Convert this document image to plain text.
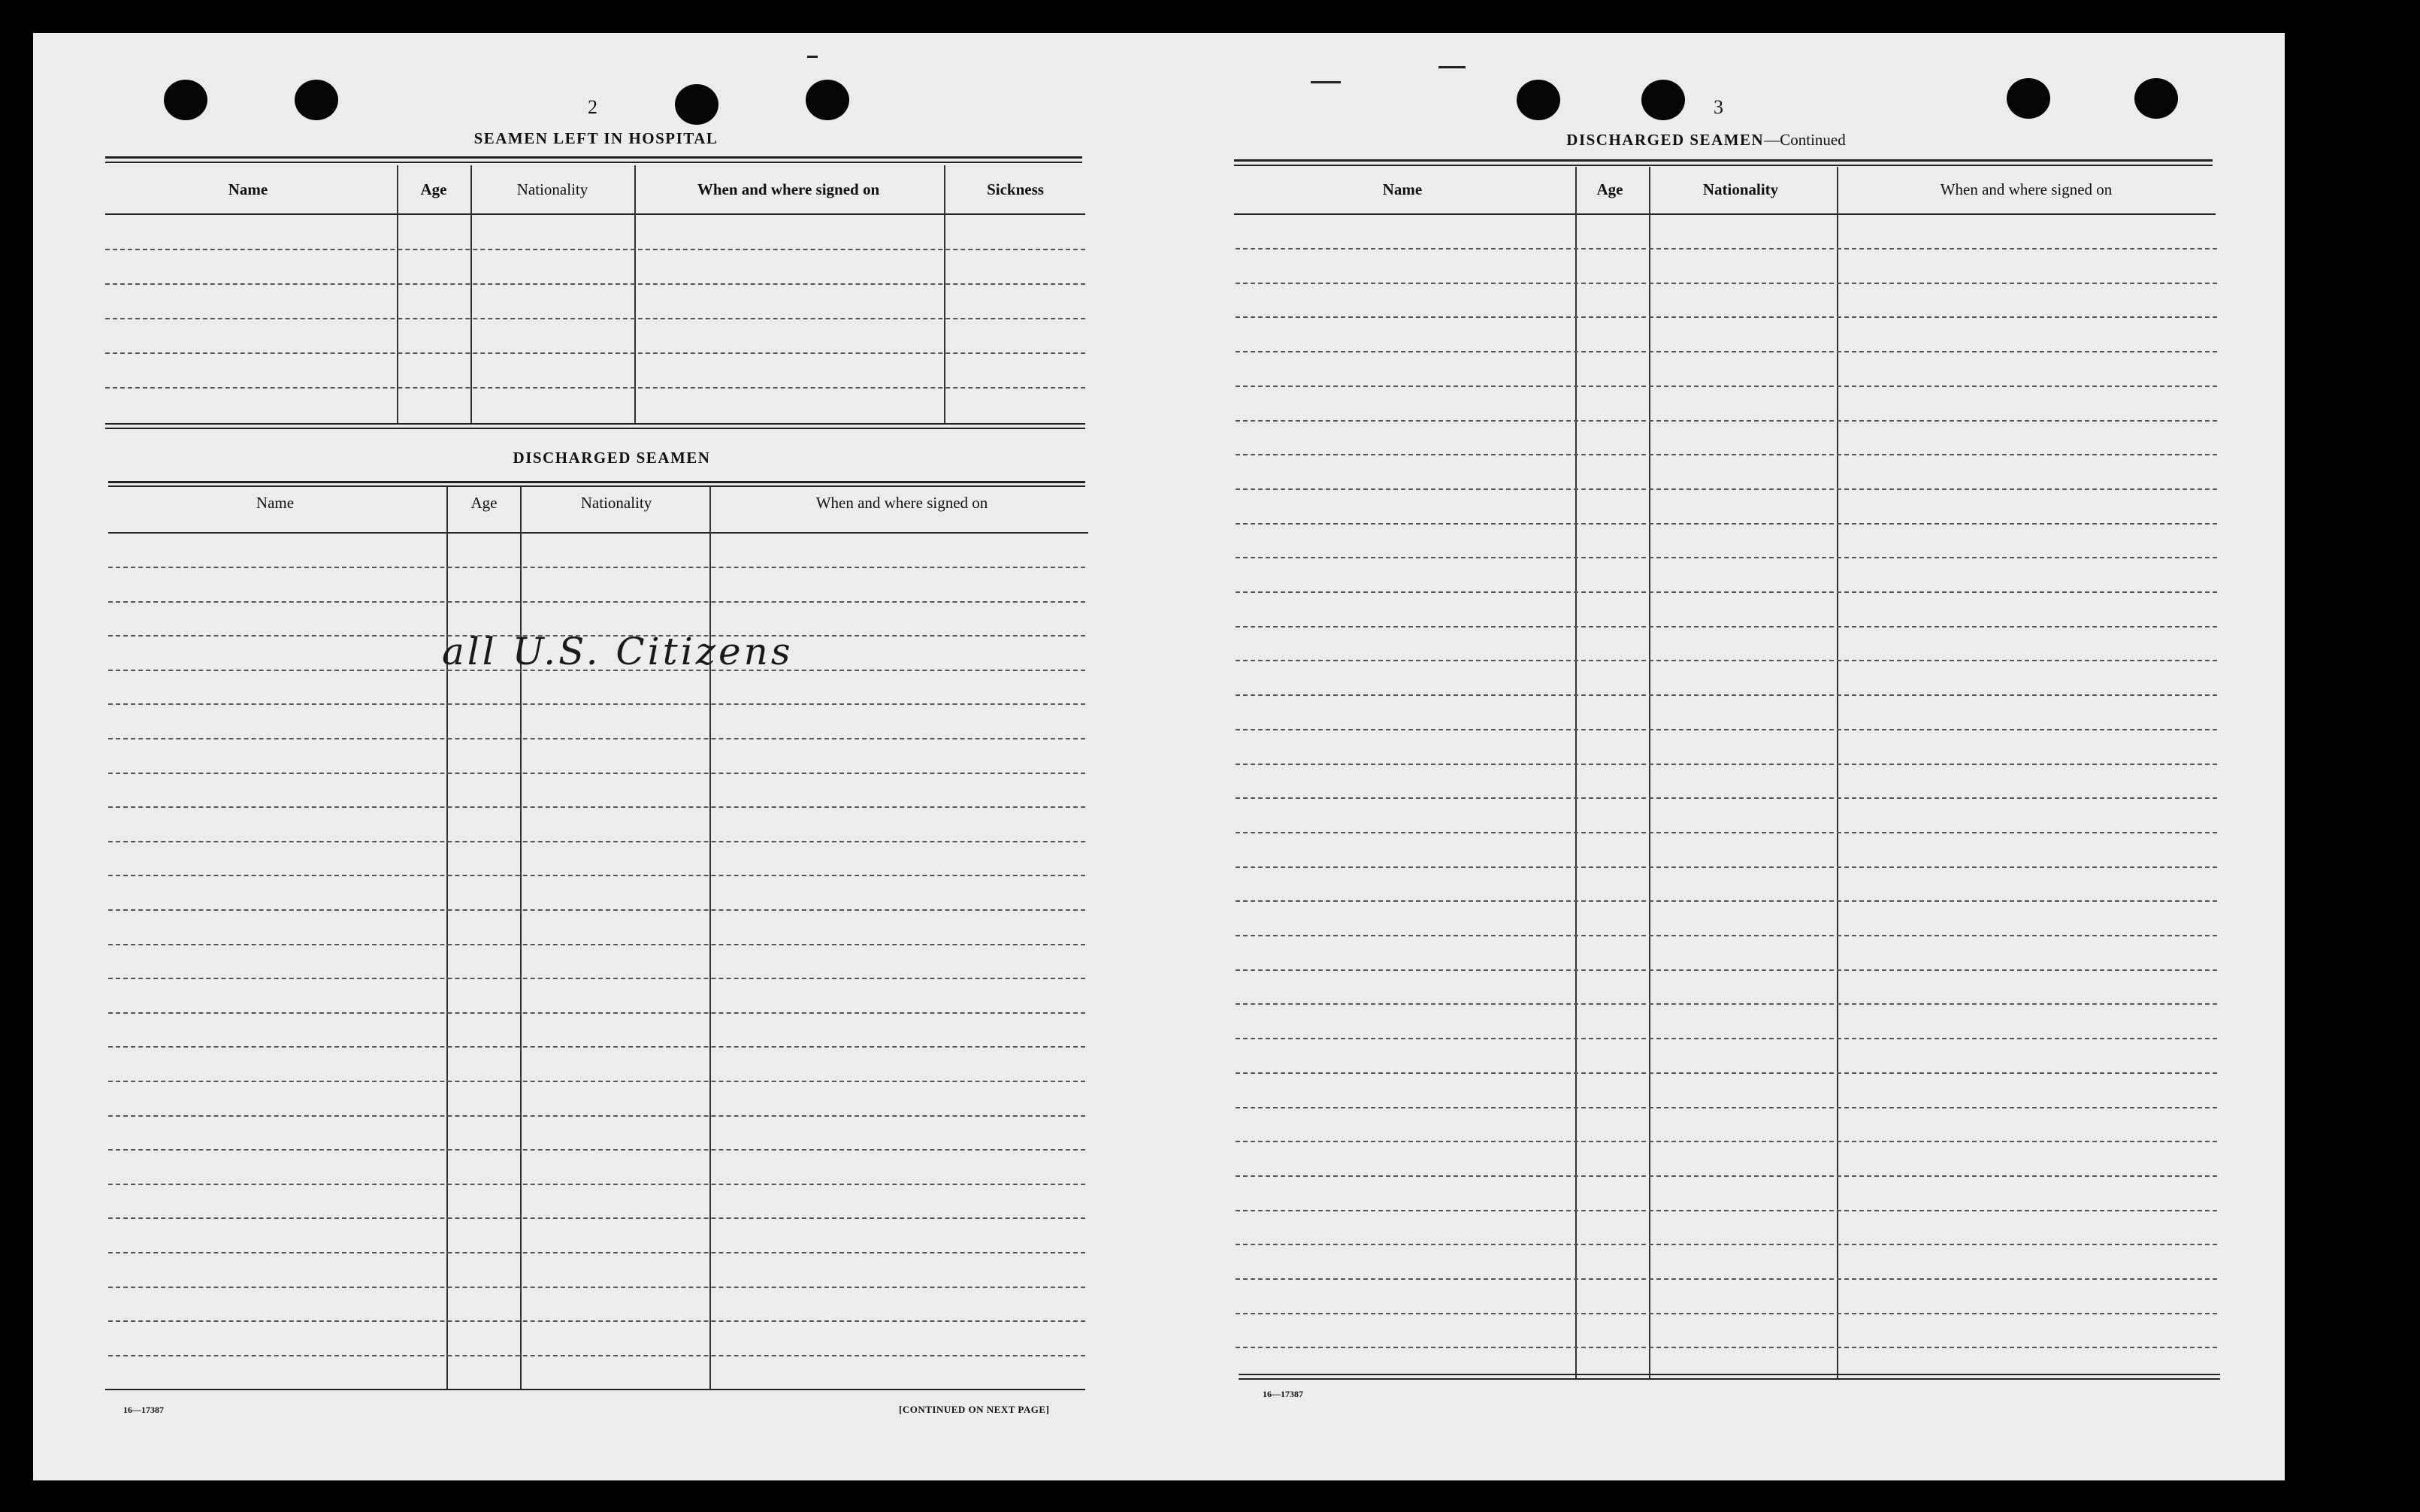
2
SEAMEN LEFT IN HOSPITAL
Name	Age	Nationality	When and where signed on	Sickness
DISCHARGED SEAMEN
Name	Age	Nationality	When and where signed on
all U.S. Citizens
16—17387	[CONTINUED ON NEXT PAGE]
3
DISCHARGED SEAMEN—Continued
Name	Age	Nationality	When and where signed on
16—17387
